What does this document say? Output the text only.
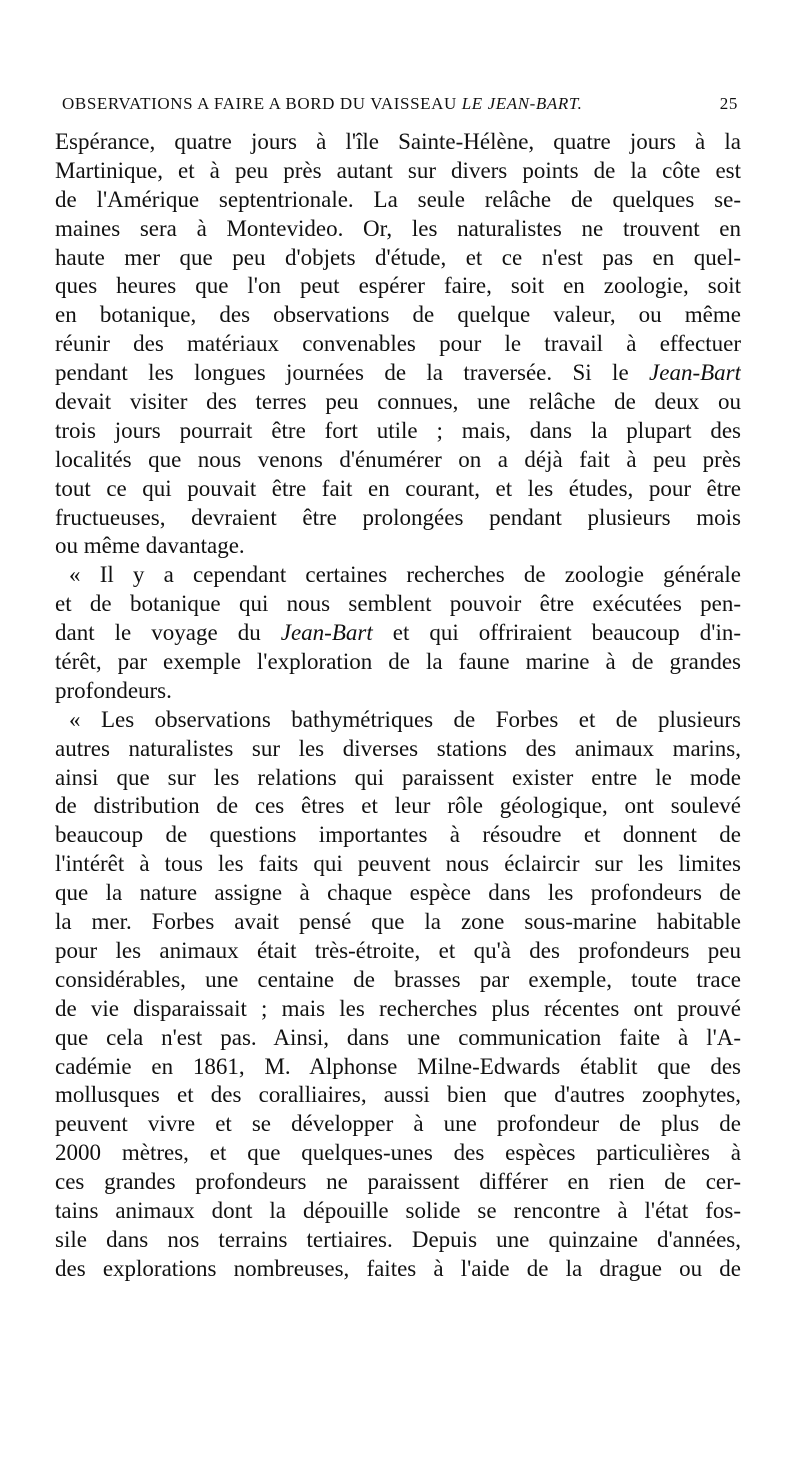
OBSERVATIONS A FAIRE A BORD DU VAISSEAU LE JEAN-BART.	25
Espérance, quatre jours à l'île Sainte-Hélène, quatre jours à la
Martinique, et à peu près autant sur divers points de la côte est
de l'Amérique septentrionale. La seule relâche de quelques se-
maines sera à Montevideo. Or, les naturalistes ne trouvent en
haute mer que peu d'objets d'étude, et ce n'est pas en quel-
ques heures que l'on peut espérer faire, soit en zoologie, soit
en botanique, des observations de quelque valeur, ou même
réunir des matériaux convenables pour le travail à effectuer
pendant les longues journées de la traversée. Si le Jean-Bart
devait visiter des terres peu connues, une relâche de deux ou
trois jours pourrait être fort utile ; mais, dans la plupart des
localités que nous venons d'énumérer on a déjà fait à peu près
tout ce qui pouvait être fait en courant, et les études, pour être
fructueuses, devraient être prolongées pendant plusieurs mois
ou même davantage.
« Il y a cependant certaines recherches de zoologie générale
et de botanique qui nous semblent pouvoir être exécutées pen-
dant le voyage du Jean-Bart et qui offriraient beaucoup d'in-
térêt, par exemple l'exploration de la faune marine à de grandes
profondeurs.
« Les observations bathymétriques de Forbes et de plusieurs
autres naturalistes sur les diverses stations des animaux marins,
ainsi que sur les relations qui paraissent exister entre le mode
de distribution de ces êtres et leur rôle géologique, ont soulevé
beaucoup de questions importantes à résoudre et donnent de
l'intérêt à tous les faits qui peuvent nous éclaircir sur les limites
que la nature assigne à chaque espèce dans les profondeurs de
la mer. Forbes avait pensé que la zone sous-marine habitable
pour les animaux était très-étroite, et qu'à des profondeurs peu
considérables, une centaine de brasses par exemple, toute trace
de vie disparaissait ; mais les recherches plus récentes ont prouvé
que cela n'est pas. Ainsi, dans une communication faite à l'A-
cadémie en 1861, M. Alphonse Milne-Edwards établit que des
mollusques et des coralliaires, aussi bien que d'autres zoophytes,
peuvent vivre et se développer à une profondeur de plus de
2000 mètres, et que quelques-unes des espèces particulières à
ces grandes profondeurs ne paraissent différer en rien de cer-
tains animaux dont la dépouille solide se rencontre à l'état fos-
sile dans nos terrains tertiaires. Depuis une quinzaine d'années,
des explorations nombreuses, faites à l'aide de la drague ou de
